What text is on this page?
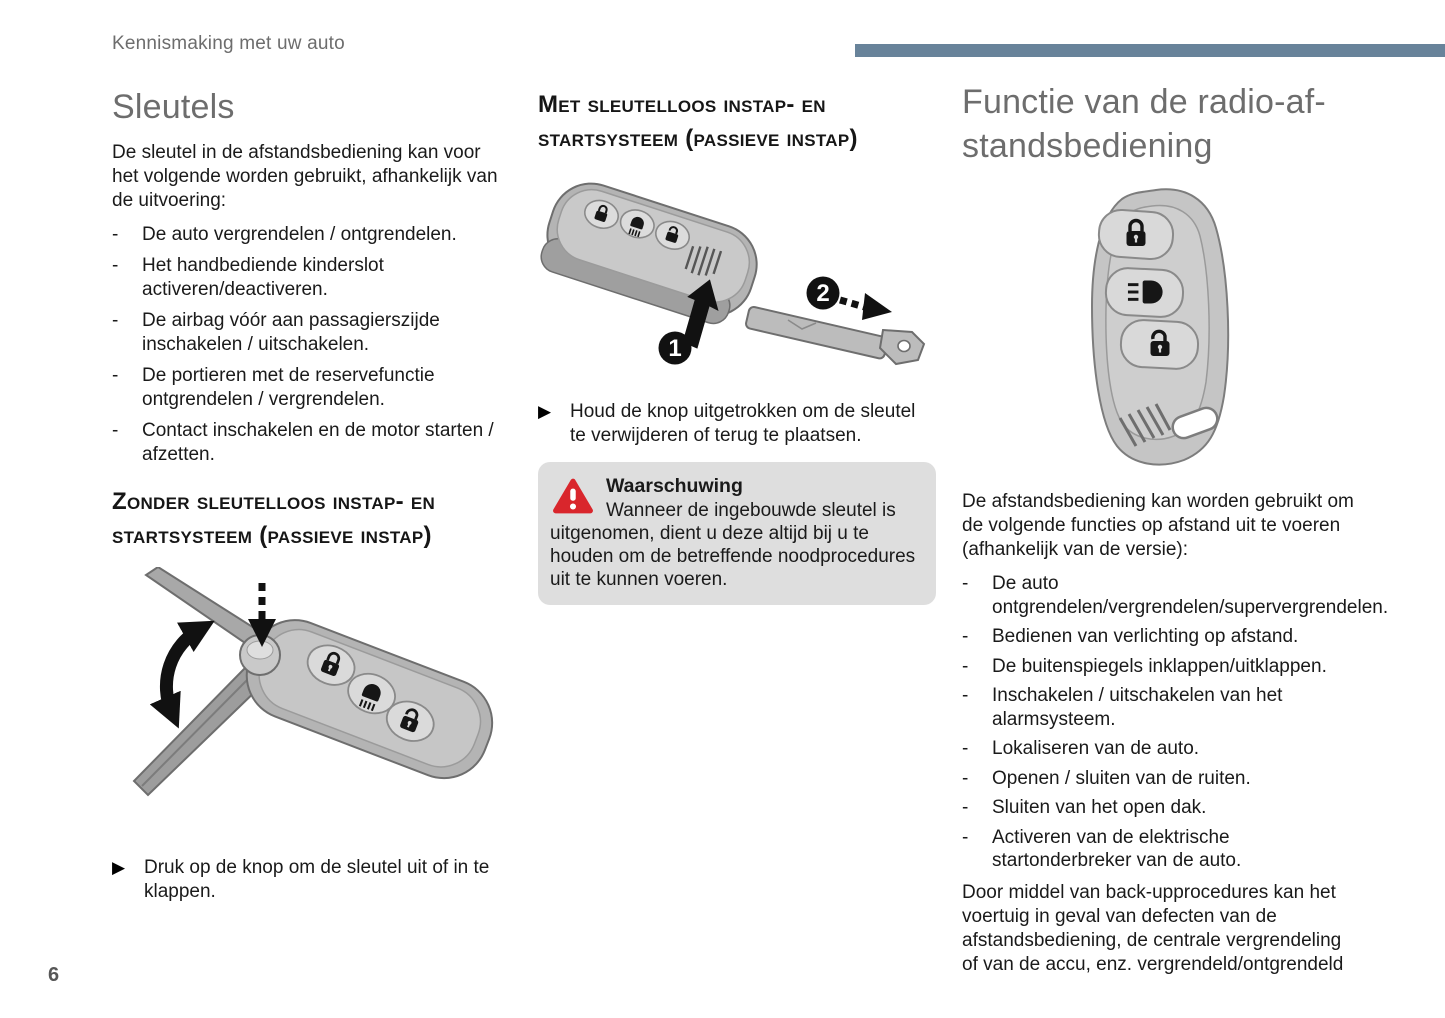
Kennismaking met uw auto
6
Sleutels

De sleutel in de afstandsbediening kan voor het volgende worden gebruikt, afhankelijk van de uitvoering:

-	De auto vergrendelen / ontgrendelen.
-	Het handbediende kinderslot activeren/deactiveren.
-	De airbag vóór aan passagierszijde inschakelen / uitschakelen.
-	De portieren met de reservefunctie ontgrendelen / vergrendelen.
-	Contact inschakelen en de motor starten / afzetten.
Zonder sleutelloos instap- en startsysteem (passieve instap)
▶ Druk op de knop om de sleutel uit of in te klappen.
Met sleutelloos instap- en startsysteem (passieve instap)
1
2
▶ Houd de knop uitgetrokken om de sleutel te verwijderen of terug te plaatsen.
Waarschuwing
Wanneer de ingebouwde sleutel is uitgenomen, dient u deze altijd bij u te houden om de betreffende noodprocedures uit te kunnen voeren.
Functie van de radio-af-
standsbediening

De afstandsbediening kan worden gebruikt om de volgende functies op afstand uit te voeren (afhankelijk van de versie):

-	De auto ontgrendelen/vergrendelen/supervergrendelen.
-	Bedienen van verlichting op afstand.
-	De buitenspiegels inklappen/uitklappen.
-	Inschakelen / uitschakelen van het alarmsysteem.
-	Lokaliseren van de auto.
-	Openen / sluiten van de ruiten.
-	Sluiten van het open dak.
-	Activeren van de elektrische startonderbreker van de auto.

Door middel van back-upprocedures kan het voertuig in geval van defecten van de afstandsbediening, de centrale vergrendeling of van de accu, enz. vergrendeld/ontgrendeld
